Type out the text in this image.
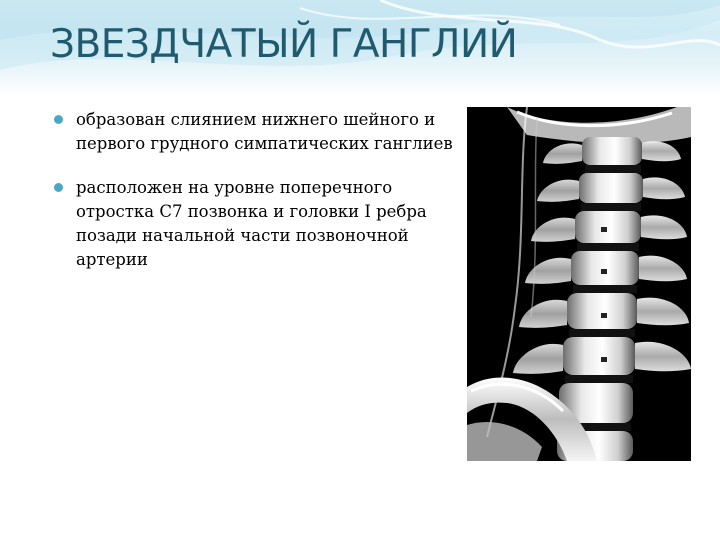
ЗВЕЗДЧАТЫЙ ГАНГЛИЙ
образован слиянием нижнего шейного и первого грудного симпатических ганглиев
расположен на уровне поперечного отростка С7 позвонка и головки I ребра позади начальной части позвоночной артерии
